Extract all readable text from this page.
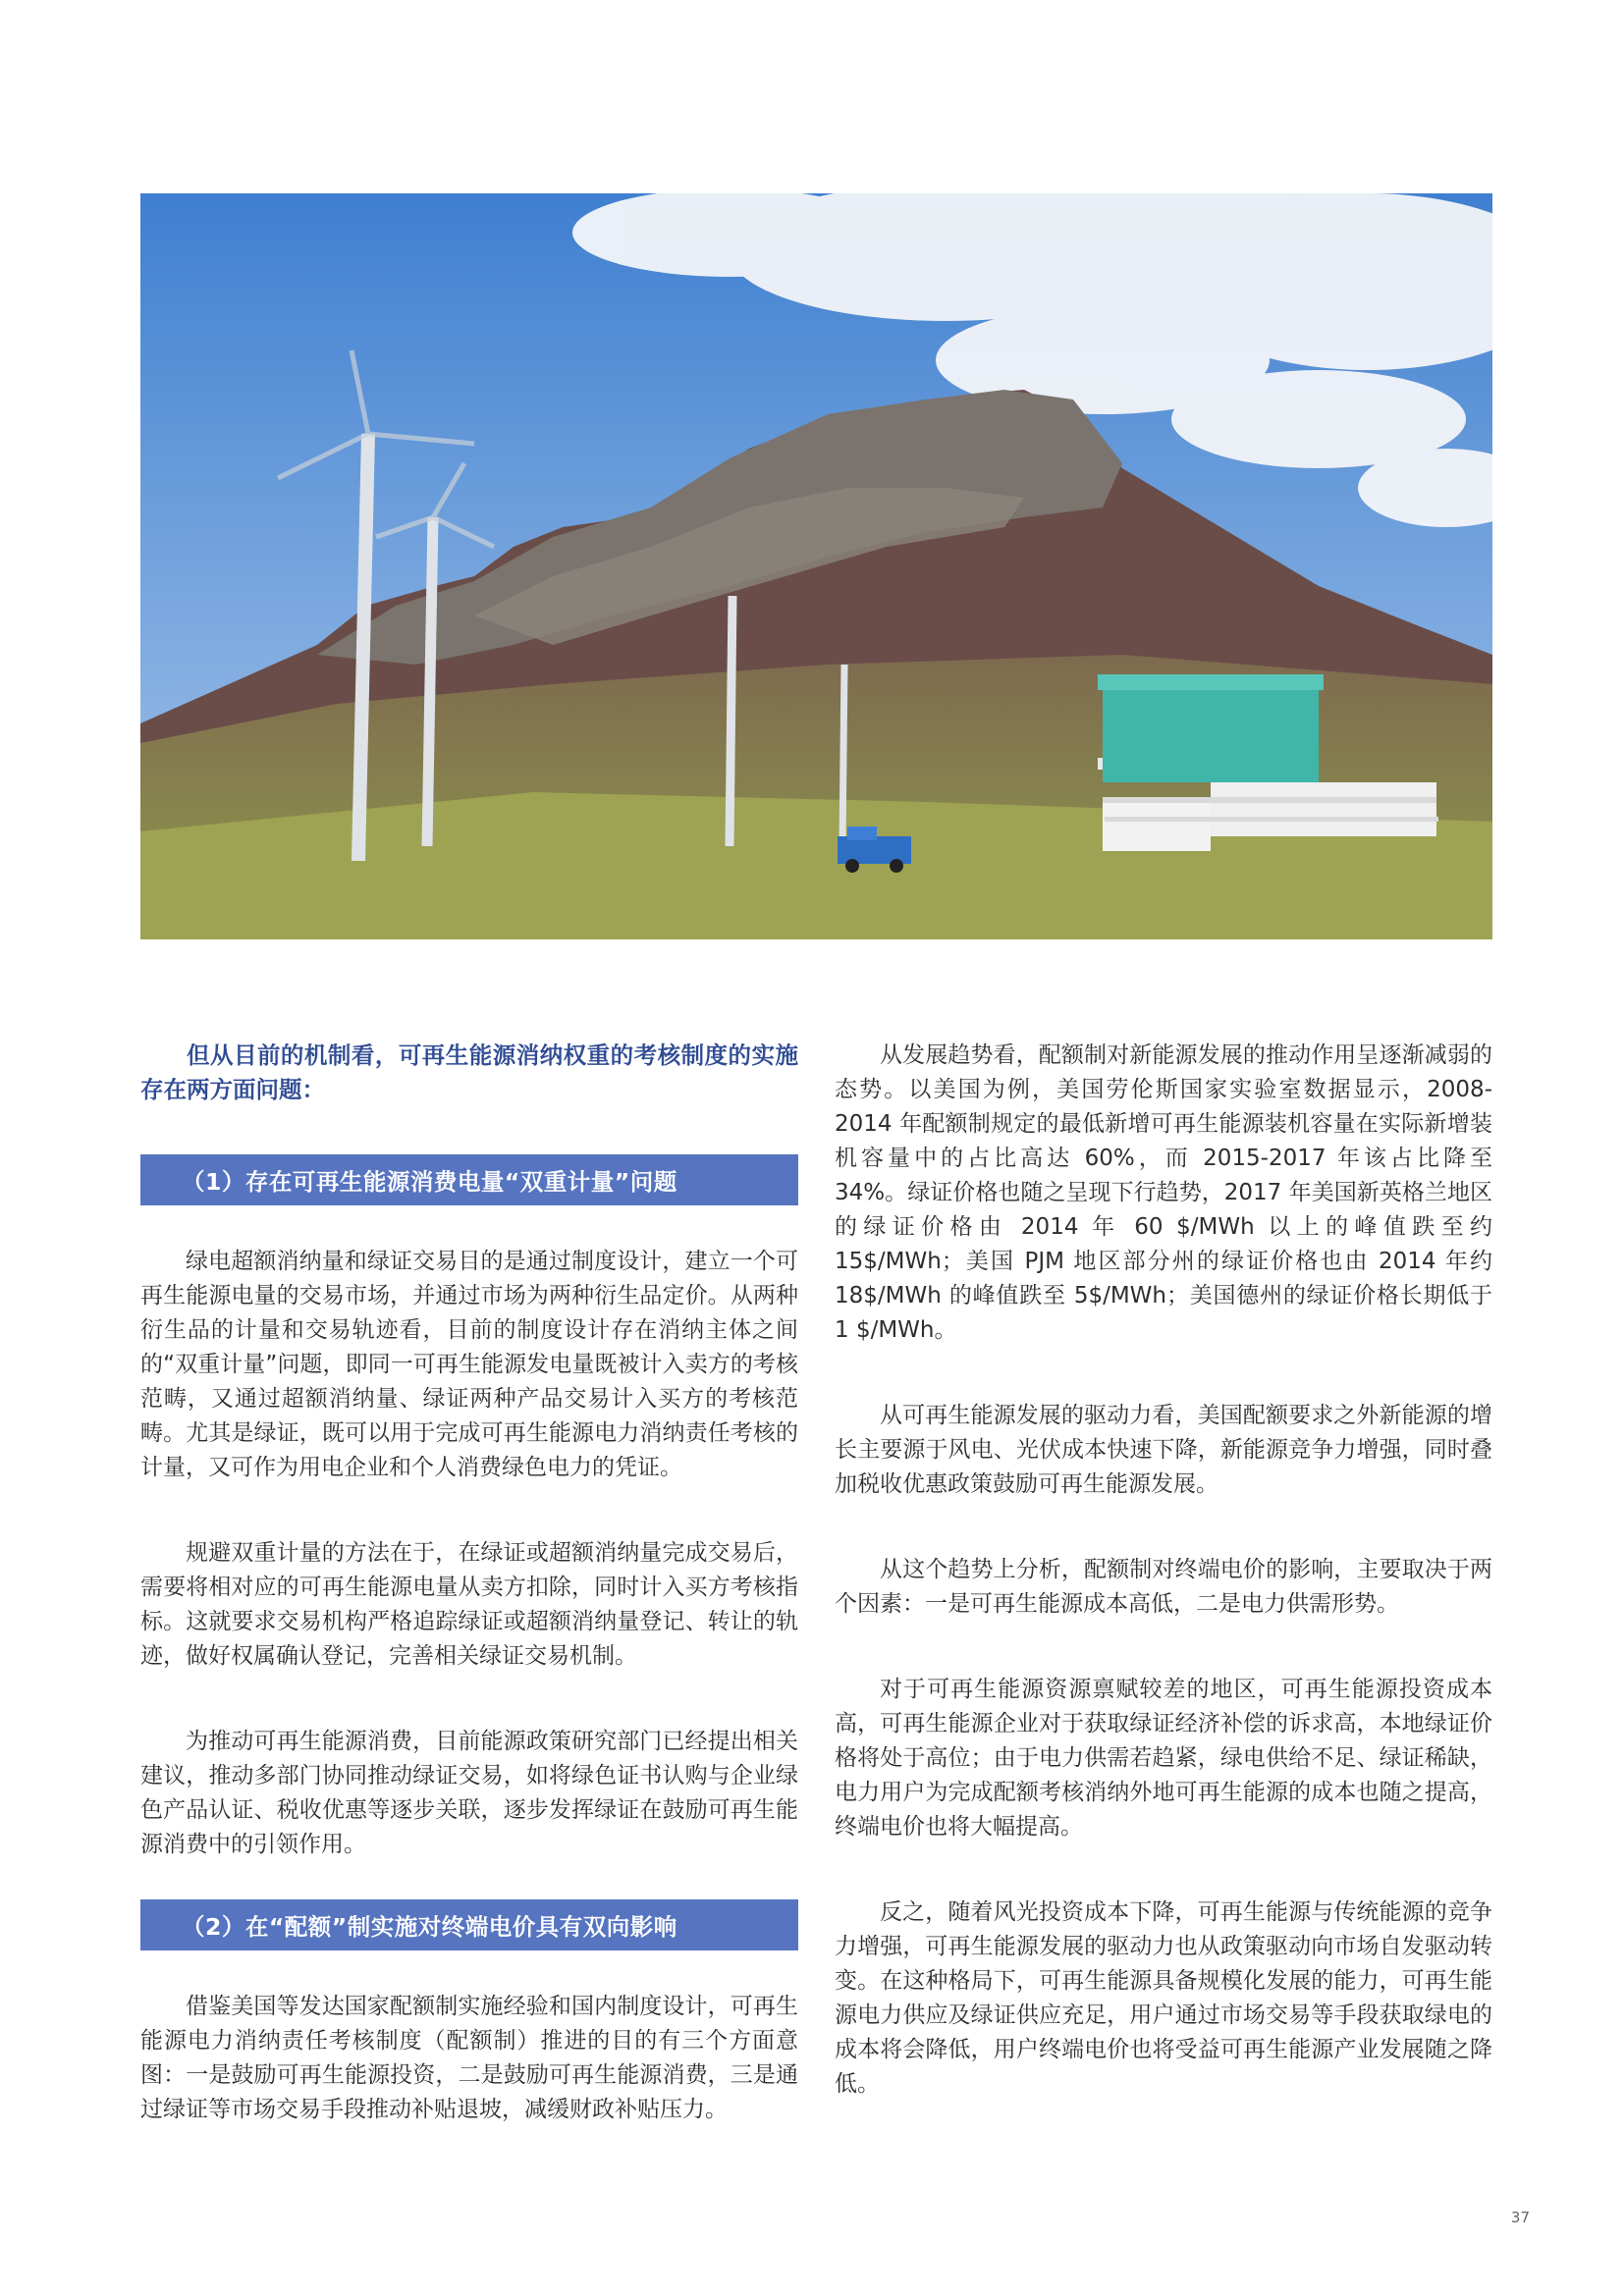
但从目前的机制看，可再生能源消纳权重的考核制度的实施存在两方面问题：

（1）存在可再生能源消费电量“双重计量”问题

绿电超额消纳量和绿证交易目的是通过制度设计，建立一个可再生能源电量的交易市场，并通过市场为两种衍生品定价。从两种衍生品的计量和交易轨迹看，目前的制度设计存在消纳主体之间的“双重计量”问题，即同一可再生能源发电量既被计入卖方的考核范畴，又通过超额消纳量、绿证两种产品交易计入买方的考核范畴。尤其是绿证，既可以用于完成可再生能源电力消纳责任考核的计量，又可作为用电企业和个人消费绿色电力的凭证。

规避双重计量的方法在于，在绿证或超额消纳量完成交易后，需要将相对应的可再生能源电量从卖方扣除，同时计入买方考核指标。这就要求交易机构严格追踪绿证或超额消纳量登记、转让的轨迹，做好权属确认登记，完善相关绿证交易机制。

为推动可再生能源消费，目前能源政策研究部门已经提出相关建议，推动多部门协同推动绿证交易，如将绿色证书认购与企业绿色产品认证、税收优惠等逐步关联，逐步发挥绿证在鼓励可再生能源消费中的引领作用。

（2）在“配额”制实施对终端电价具有双向影响

借鉴美国等发达国家配额制实施经验和国内制度设计，可再生能源电力消纳责任考核制度（配额制）推进的目的有三个方面意图：一是鼓励可再生能源投资，二是鼓励可再生能源消费，三是通过绿证等市场交易手段推动补贴退坡，减缓财政补贴压力。

从发展趋势看，配额制对新能源发展的推动作用呈逐渐减弱的态势。以美国为例，美国劳伦斯国家实验室数据显示，2008-2014 年配额制规定的最低新增可再生能源装机容量在实际新增装机容量中的占比高达 60%，而 2015-2017 年该占比降至 34%。绿证价格也随之呈现下行趋势，2017 年美国新英格兰地区的绿证价格由 2014 年 60 $/MWh 以上的峰值跌至约 15$/MWh；美国 PJM 地区部分州的绿证价格也由 2014 年约 18$/MWh 的峰值跌至 5$/MWh；美国德州的绿证价格长期低于 1 $/MWh。

从可再生能源发展的驱动力看，美国配额要求之外新能源的增长主要源于风电、光伏成本快速下降，新能源竞争力增强，同时叠加税收优惠政策鼓励可再生能源发展。

从这个趋势上分析，配额制对终端电价的影响，主要取决于两个因素：一是可再生能源成本高低，二是电力供需形势。

对于可再生能源资源禀赋较差的地区，可再生能源投资成本高，可再生能源企业对于获取绿证经济补偿的诉求高，本地绿证价格将处于高位；由于电力供需若趋紧，绿电供给不足、绿证稀缺，电力用户为完成配额考核消纳外地可再生能源的成本也随之提高，终端电价也将大幅提高。

反之，随着风光投资成本下降，可再生能源与传统能源的竞争力增强，可再生能源发展的驱动力也从政策驱动向市场自发驱动转变。在这种格局下，可再生能源具备规模化发展的能力，可再生能源电力供应及绿证供应充足，用户通过市场交易等手段获取绿电的成本将会降低，用户终端电价也将受益可再生能源产业发展随之降低。

37
